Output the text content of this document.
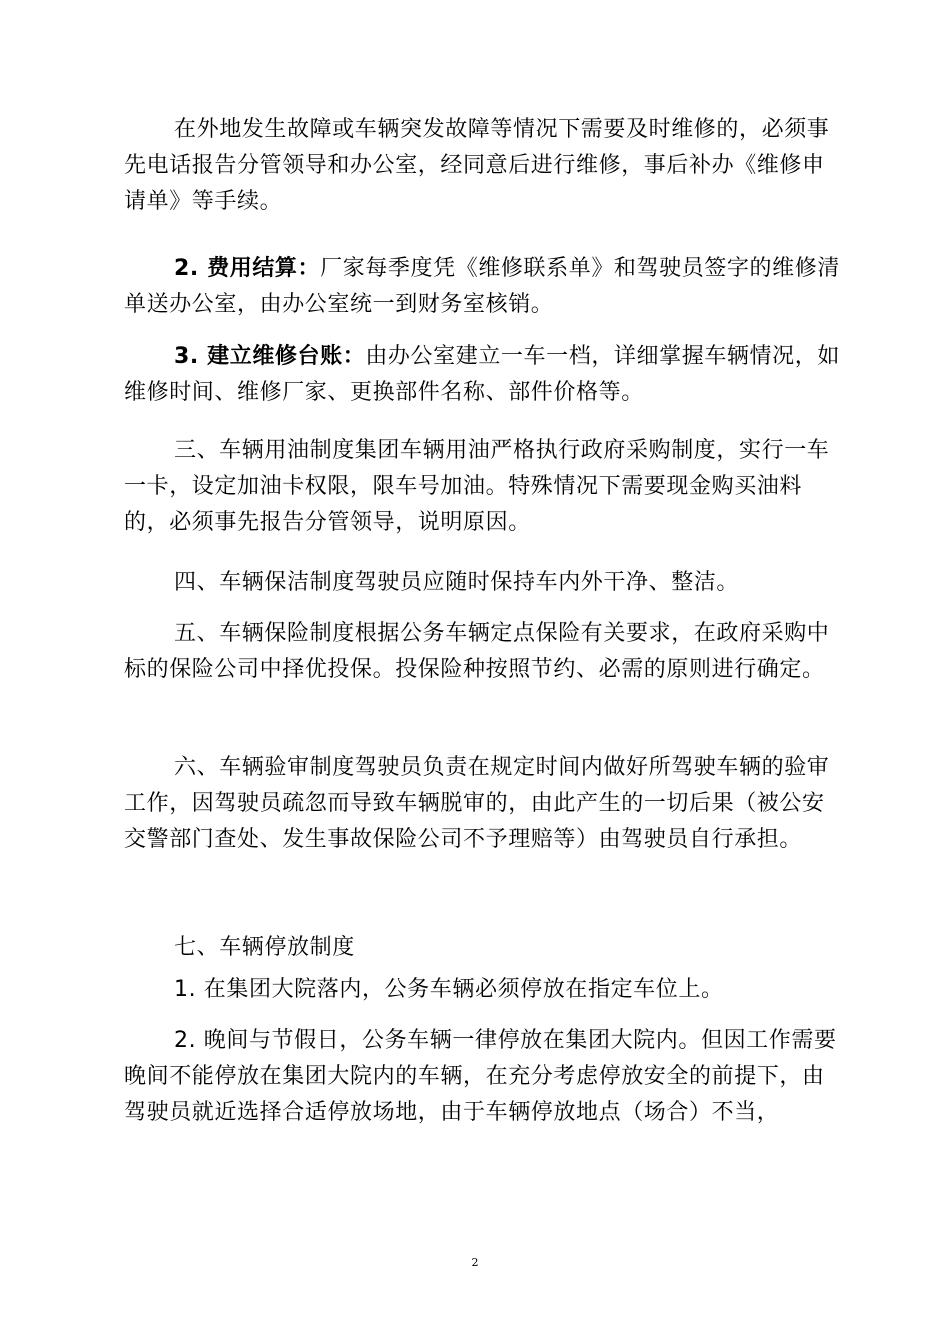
在外地发生故障或车辆突发故障等情况下需要及时维修的，必须事先电话报告分管领导和办公室，经同意后进行维修，事后补办《维修申请单》等手续。

2. 费用结算：厂家每季度凭《维修联系单》和驾驶员签字的维修清单送办公室，由办公室统一到财务室核销。

3. 建立维修台账：由办公室建立一车一档，详细掌握车辆情况，如维修时间、维修厂家、更换部件名称、部件价格等。

三、车辆用油制度集团车辆用油严格执行政府采购制度，实行一车一卡，设定加油卡权限，限车号加油。特殊情况下需要现金购买油料的，必须事先报告分管领导，说明原因。

四、车辆保洁制度驾驶员应随时保持车内外干净、整洁。

五、车辆保险制度根据公务车辆定点保险有关要求，在政府采购中标的保险公司中择优投保。投保险种按照节约、必需的原则进行确定。

六、车辆验审制度驾驶员负责在规定时间内做好所驾驶车辆的验审工作，因驾驶员疏忽而导致车辆脱审的，由此产生的一切后果（被公安交警部门查处、发生事故保险公司不予理赔等）由驾驶员自行承担。

七、车辆停放制度

1. 在集团大院落内，公务车辆必须停放在指定车位上。

2. 晚间与节假日，公务车辆一律停放在集团大院内。但因工作需要晚间不能停放在集团大院内的车辆，在充分考虑停放安全的前提下，由驾驶员就近选择合适停放场地，由于车辆停放地点（场合）不当，

2
